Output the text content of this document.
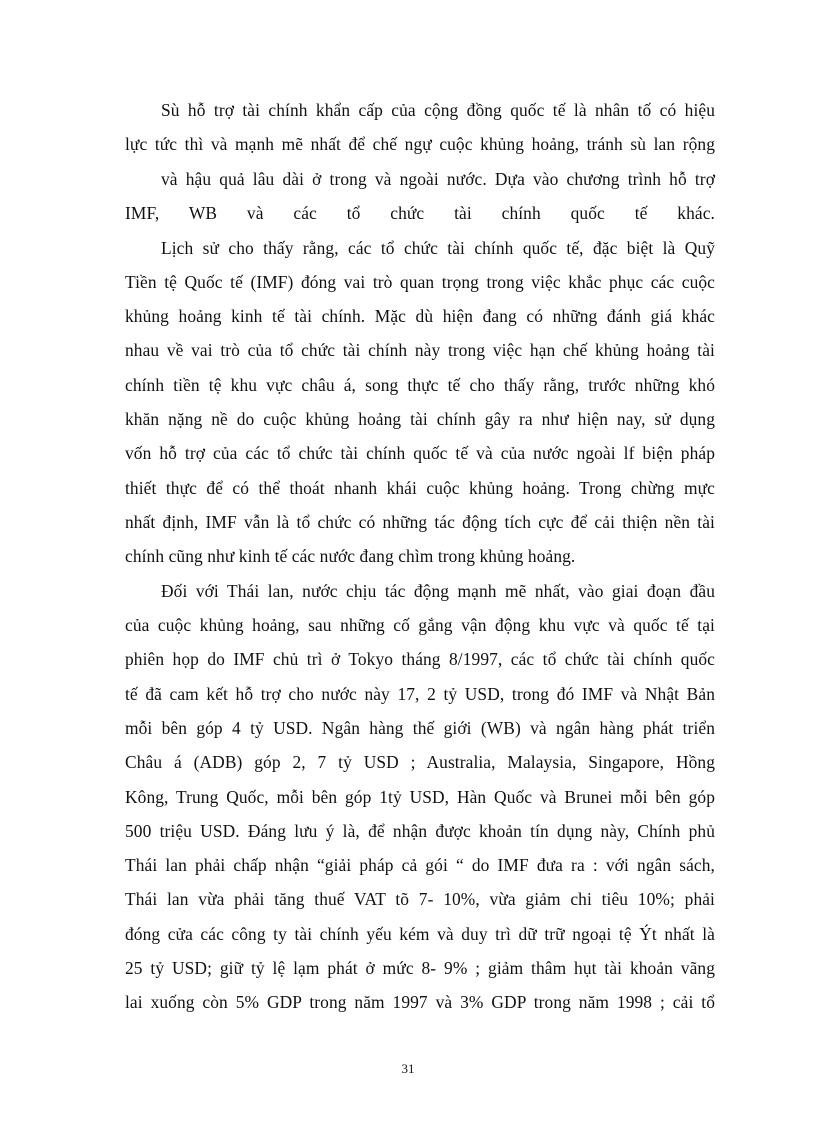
Sù hỗ trợ tài chính khẩn cấp của cộng đồng quốc tế là nhân tố có hiệu
lực tức thì và mạnh mẽ nhất để chế ngự cuộc khủng hoảng, tránh sù lan rộng
và hậu quả lâu dài ở trong và ngoài nước. Dựa vào chương trình hỗ trợ
IMF, WB và các tổ chức tài chính quốc tế khác.
Lịch sử cho thấy rằng, các tổ chức tài chính quốc tế, đặc biệt là Quỹ
Tiền tệ Quốc tế (IMF) đóng vai trò quan trọng trong việc khắc phục các cuộc
khủng hoảng kinh tế tài chính. Mặc dù hiện đang có những đánh giá khác
nhau về vai trò của tổ chức tài chính này trong việc hạn chế khủng hoảng tài
chính tiền tệ khu vực châu á, song thực tế cho thấy rằng, trước những khó
khăn nặng nề do cuộc khủng hoảng tài chính gây ra như hiện nay, sử dụng
vốn hỗ trợ của các tổ chức tài chính quốc tế và của nước ngoài lf biện pháp
thiết thực để có thể thoát nhanh khái cuộc khủng hoảng. Trong chừng mực
nhất định, IMF vẫn là tổ chức có những tác động tích cực để cải thiện nền tài
chính cũng như kinh tế các nước đang chìm trong khủng hoảng.
Đối với Thái lan, nước chịu tác động mạnh mẽ nhất, vào giai đoạn đầu
của cuộc khủng hoảng, sau những cố gắng vận động khu vực và quốc tế tại
phiên họp do IMF chủ trì ở Tokyo tháng 8/1997, các tổ chức tài chính quốc
tế đã cam kết hỗ trợ cho nước này 17, 2 tỷ USD, trong đó IMF và Nhật Bản
mỗi bên góp 4 tỷ USD. Ngân hàng thế giới (WB) và ngân hàng phát triển
Châu á (ADB) góp 2, 7 tỷ USD ; Australia, Malaysia, Singapore, Hồng
Kông, Trung Quốc, mỗi bên góp 1tỷ USD, Hàn Quốc và Brunei mỗi bên góp
500 triệu USD. Đáng lưu ý là, để nhận được khoản tín dụng này, Chính phủ
Thái lan phải chấp nhận “giải pháp cả gói “ do IMF đưa ra : với ngân sách,
Thái lan vừa phải tăng thuế VAT tõ 7- 10%, vừa giảm chi tiêu 10%; phải
đóng cửa các công ty tài chính yếu kém và duy trì dữ trữ ngoại tệ Ýt nhất là
25 tỷ USD; giữ tỷ lệ lạm phát ở mức 8- 9% ; giảm thâm hụt tài khoản vãng
lai xuống còn 5% GDP trong năm 1997 và 3% GDP trong năm 1998 ; cải tổ
31
